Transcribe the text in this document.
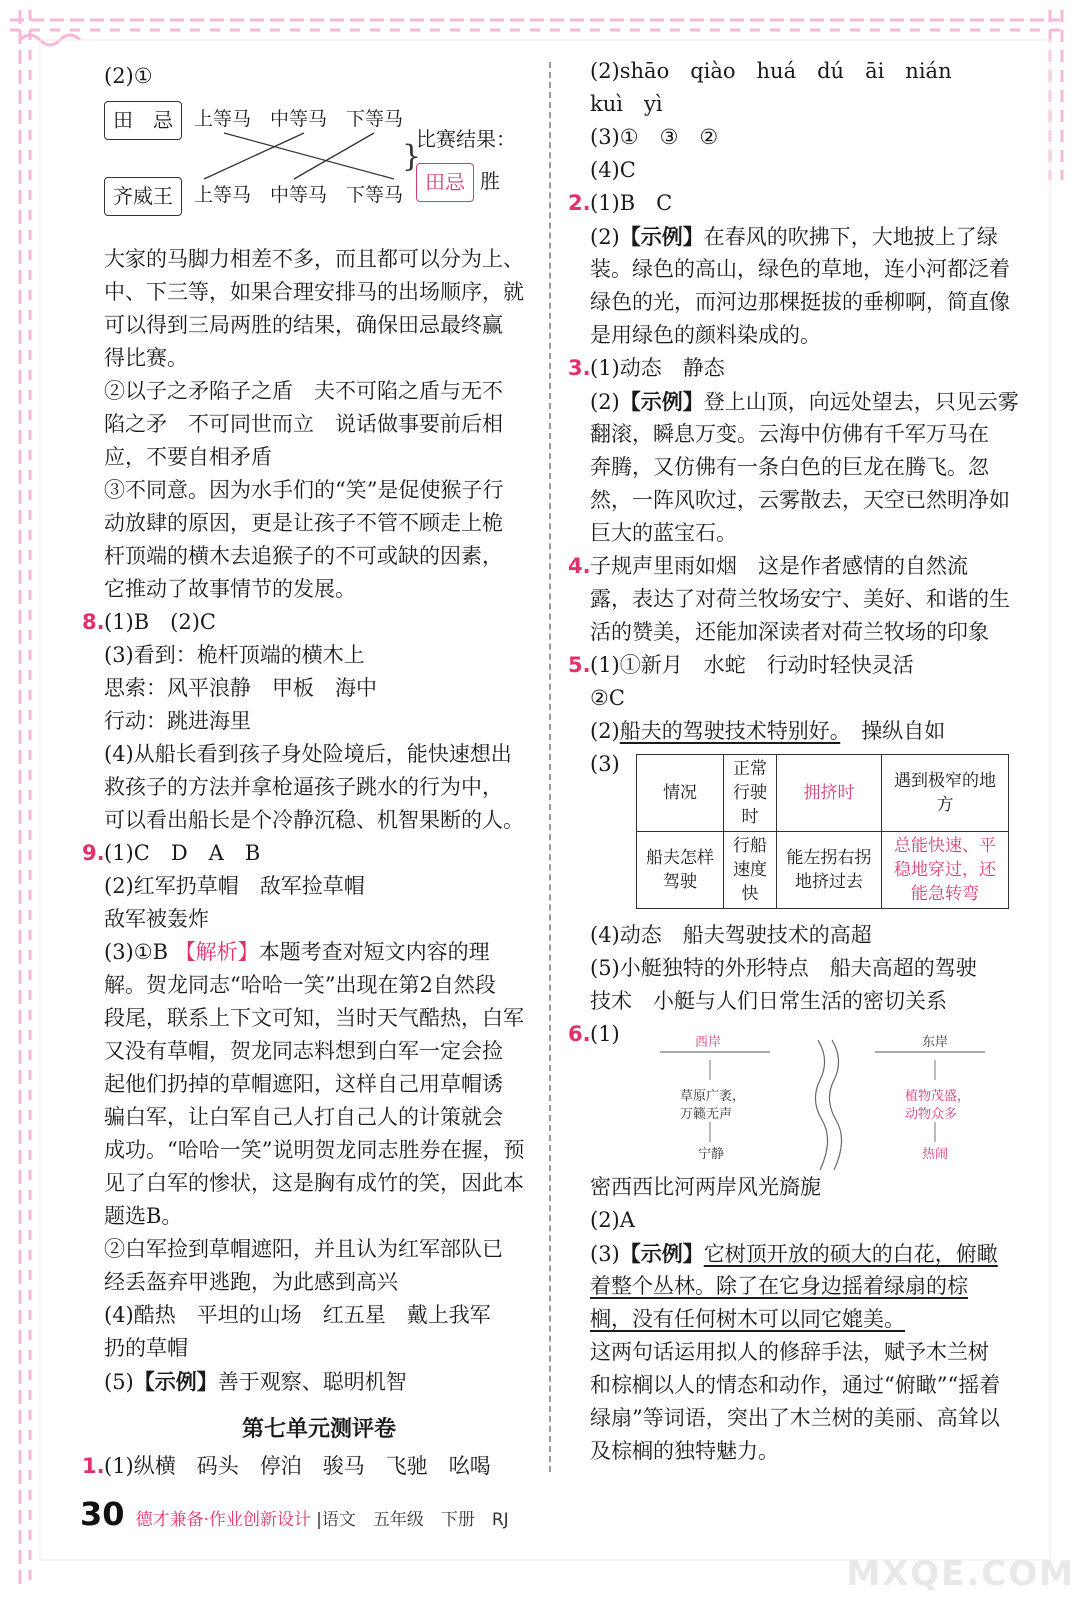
(2)①
田　忌	上等马　中等马　下等马
齐威王	上等马　中等马　下等马
}
比赛结果：
田忌 胜
大家的马脚力相差不多，而且都可以分为上、
中、下三等，如果合理安排马的出场顺序，就
可以得到三局两胜的结果，确保田忌最终赢
得比赛。
②以子之矛陷子之盾　夫不可陷之盾与无不
陷之矛　不可同世而立　说话做事要前后相
应，不要自相矛盾
③不同意。因为水手们的“笑”是促使猴子行
动放肆的原因，更是让孩子不管不顾走上桅
杆顶端的横木去追猴子的不可或缺的因素，
它推动了故事情节的发展。
8.(1)B　(2)C
(3)看到：桅杆顶端的横木上
思索：风平浪静　甲板　海中
行动：跳进海里
(4)从船长看到孩子身处险境后，能快速想出
救孩子的方法并拿枪逼孩子跳水的行为中，
可以看出船长是个冷静沉稳、机智果断的人。
9.(1)C　D　A　B
(2)红军扔草帽　敌军捡草帽
敌军被轰炸
(3)①B 【解析】本题考查对短文内容的理
解。贺龙同志“哈哈一笑”出现在第2自然段
段尾，联系上下文可知，当时天气酷热，白军
又没有草帽，贺龙同志料想到白军一定会捡
起他们扔掉的草帽遮阳，这样自己用草帽诱
骗白军，让白军自己人打自己人的计策就会
成功。“哈哈一笑”说明贺龙同志胜券在握，预
见了白军的惨状，这是胸有成竹的笑，因此本
题选B。
②白军捡到草帽遮阳，并且认为红军部队已
经丢盔弃甲逃跑，为此感到高兴
(4)酷热　平坦的山场　红五星　戴上我军
扔的草帽
(5)【示例】善于观察、聪明机智
第七单元测评卷
1.(1)纵横　码头　停泊　骏马　飞驰　吆喝
(2)shāo　qiào　huá　dú　āi　nián
kuì　yì
(3)①　③　②
(4)C
2.(1)B　C
(2)【示例】在春风的吹拂下，大地披上了绿
装。绿色的高山，绿色的草地，连小河都泛着
绿色的光，而河边那棵挺拔的垂柳啊，简直像
是用绿色的颜料染成的。
3.(1)动态　静态
(2)【示例】登上山顶，向远处望去，只见云雾
翻滚，瞬息万变。云海中仿佛有千军万马在
奔腾，又仿佛有一条白色的巨龙在腾飞。忽
然，一阵风吹过，云雾散去，天空已然明净如
巨大的蓝宝石。
4.子规声里雨如烟　这是作者感情的自然流
露，表达了对荷兰牧场安宁、美好、和谐的生
活的赞美，还能加深读者对荷兰牧场的印象
5.(1)①新月　水蛇　行动时轻快灵活
②C
(2)船夫的驾驶技术特别好。　操纵自如
(3)
(4)动态　船夫驾驶技术的高超
(5)小艇独特的外形特点　船夫高超的驾驶
技术　小艇与人们日常生活的密切关系
6.(1)
密西西比河两岸风光旖旎
(2)A
(3)【示例】它树顶开放的硕大的白花，俯瞰
着整个丛林。除了在它身边摇着绿扇的棕
榈，没有任何树木可以同它媲美。
这两句话运用拟人的修辞手法，赋予木兰树
和棕榈以人的情态和动作，通过“俯瞰”“摇着
绿扇”等词语，突出了木兰树的美丽、高耸以
及棕榈的独特魅力。
情况	正常行驶时	拥挤时	遇到极窄的地方
船夫怎样驾驶	行船速度快	能左拐右拐地挤过去	总能快速、平稳地穿过，还能急转弯
西岸	东岸
草原广袤，
万籁无声
宁静
植物茂盛，
动物众多
热闹
30 德才兼备·作业创新设计 |语文　五年级　下册　RJ
MXQE.COM
